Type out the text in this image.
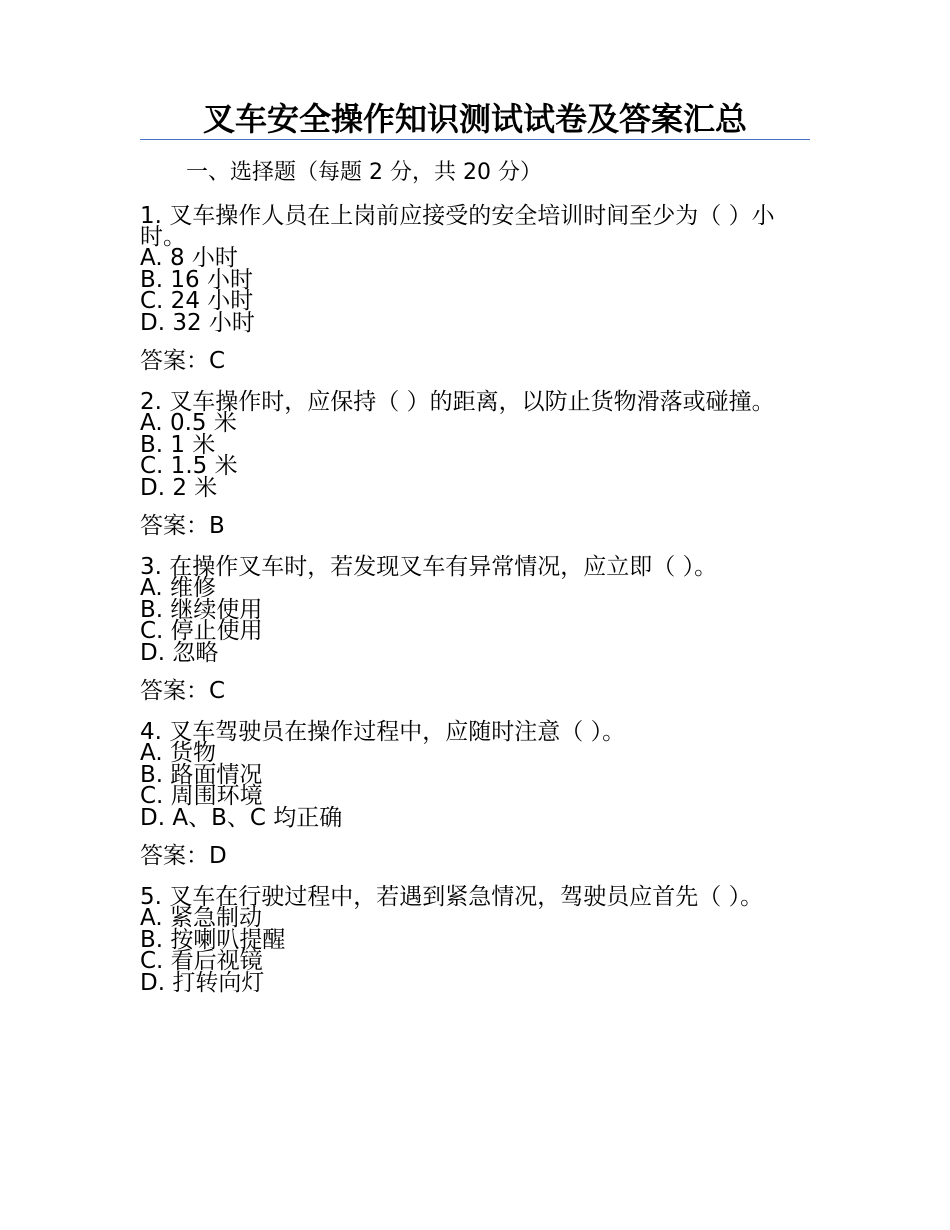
叉车安全操作知识测试试卷及答案汇总
一、选择题（每题 2 分，共 20 分）

1. 叉车操作人员在上岗前应接受的安全培训时间至少为（ ）小时。

A. 8 小时

B. 16 小时

C. 24 小时

D. 32 小时

答案：C

2. 叉车操作时，应保持（ ）的距离，以防止货物滑落或碰撞。

A. 0.5 米

B. 1 米

C. 1.5 米

D. 2 米

答案：B

3. 在操作叉车时，若发现叉车有异常情况，应立即（ ）。

A. 维修

B. 继续使用

C. 停止使用

D. 忽略

答案：C

4. 叉车驾驶员在操作过程中，应随时注意（ ）。

A. 货物

B. 路面情况

C. 周围环境

D. A、B、C 均正确

答案：D

5. 叉车在行驶过程中，若遇到紧急情况，驾驶员应首先（ ）。

A. 紧急制动

B. 按喇叭提醒

C. 看后视镜

D. 打转向灯
